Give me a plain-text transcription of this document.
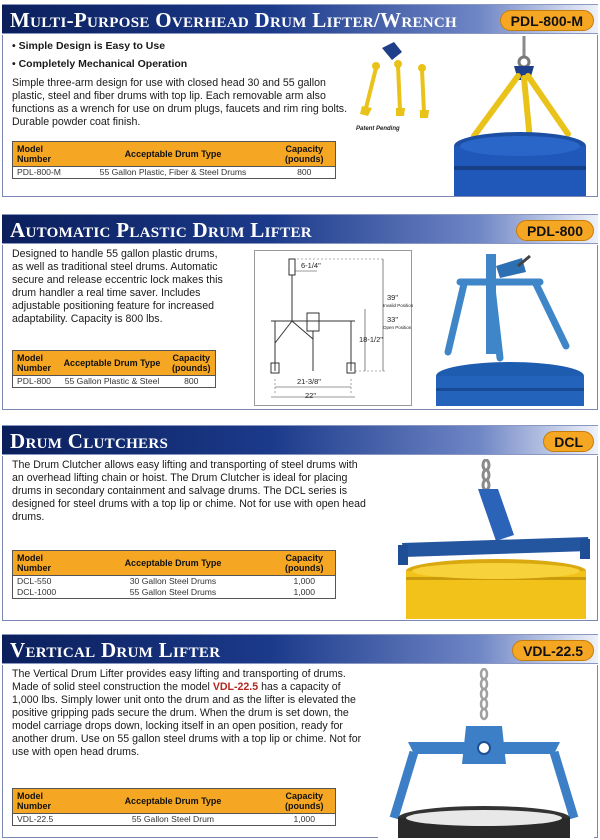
Multi-Purpose Overhead Drum Lifter/Wrench	PDL-800-M
• Simple Design is Easy to Use
• Completely Mechanical Operation
Simple three-arm design for use with closed head 30 and 55 gallon plastic, steel and fiber drums with top lip. Each removable arm also functions as a wrench for use on drum plugs, faucets and rim ring bolts. Durable powder coat finish.
Model Number	Acceptable Drum Type	Capacity (pounds)
PDL-800-M	55 Gallon Plastic, Fiber & Steel Drums	800
Patent Pending
Automatic Plastic Drum Lifter	PDL-800
Designed to handle 55 gallon plastic drums, as well as traditional steel drums. Automatic secure and release eccentric lock makes this drum handler a real time saver. Includes adjustable positioning feature for increased adaptability. Capacity is 800 lbs.
Model Number	Acceptable Drum Type	Capacity (pounds)
PDL-800	55 Gallon Plastic & Steel	800
6-1/4"
39"
Invalid Position
33"
Open Position
18-1/2"
21-3/8"
22"
Drum Clutchers	DCL
The Drum Clutcher allows easy lifting and transporting of steel drums with an overhead lifting chain or hoist. The Drum Clutcher is ideal for placing drums in secondary containment and salvage drums. The DCL series is designed for steel drums with a top lip or chime. Not for use with open head drums.
Model Number	Acceptable Drum Type	Capacity (pounds)
DCL-550	30 Gallon Steel Drums	1,000
DCL-1000	55 Gallon Steel Drums	1,000
Vertical Drum Lifter	VDL-22.5
The Vertical Drum Lifter provides easy lifting and transporting of drums. Made of solid steel construction the model VDL-22.5 has a capacity of 1,000 lbs. Simply lower unit onto the drum and as the lifter is elevated the positive gripping pads secure the drum. When the drum is set down, the model carriage drops down, locking itself in an open position, ready for another drum. Use on 55 gallon steel drums with a top lip or chime. Not for use with open head drums.
Model Number	Acceptable Drum Type	Capacity (pounds)
VDL-22.5	55 Gallon Steel Drum	1,000
